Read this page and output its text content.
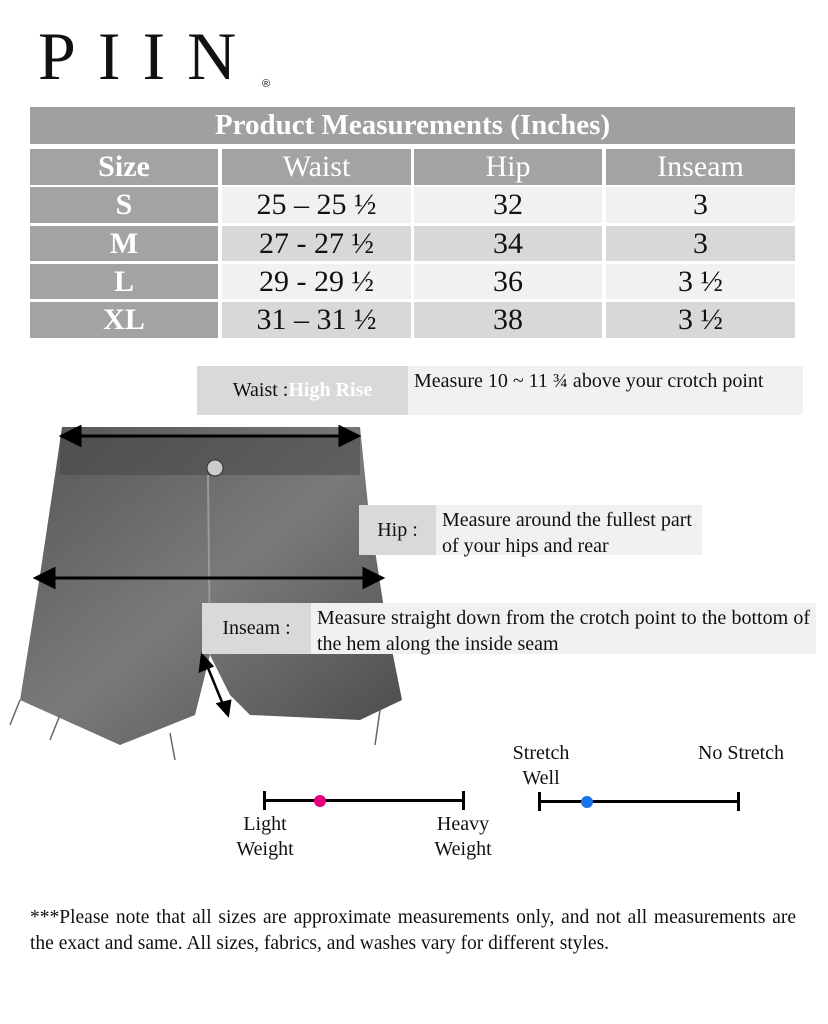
PIIN ®
Product Measurements (Inches)
Size	Waist	Hip	Inseam
S	25 – 25 ½	32	3
M	27 - 27 ½	34	3
L	29 - 29 ½	36	3 ½
XL	31 – 31 ½	38	3 ½
Waist : High Rise	Measure 10 ~ 11 ¾ above your crotch point
Hip :	Measure around the fullest part of your hips and rear
Inseam :	Measure straight down from the crotch point to the bottom of the hem along the inside seam
Light Weight
Heavy Weight
Stretch Well
No Stretch
***Please note that all sizes are approximate measurements only, and not all measurements are the exact and same. All sizes, fabrics, and washes vary for different styles.
